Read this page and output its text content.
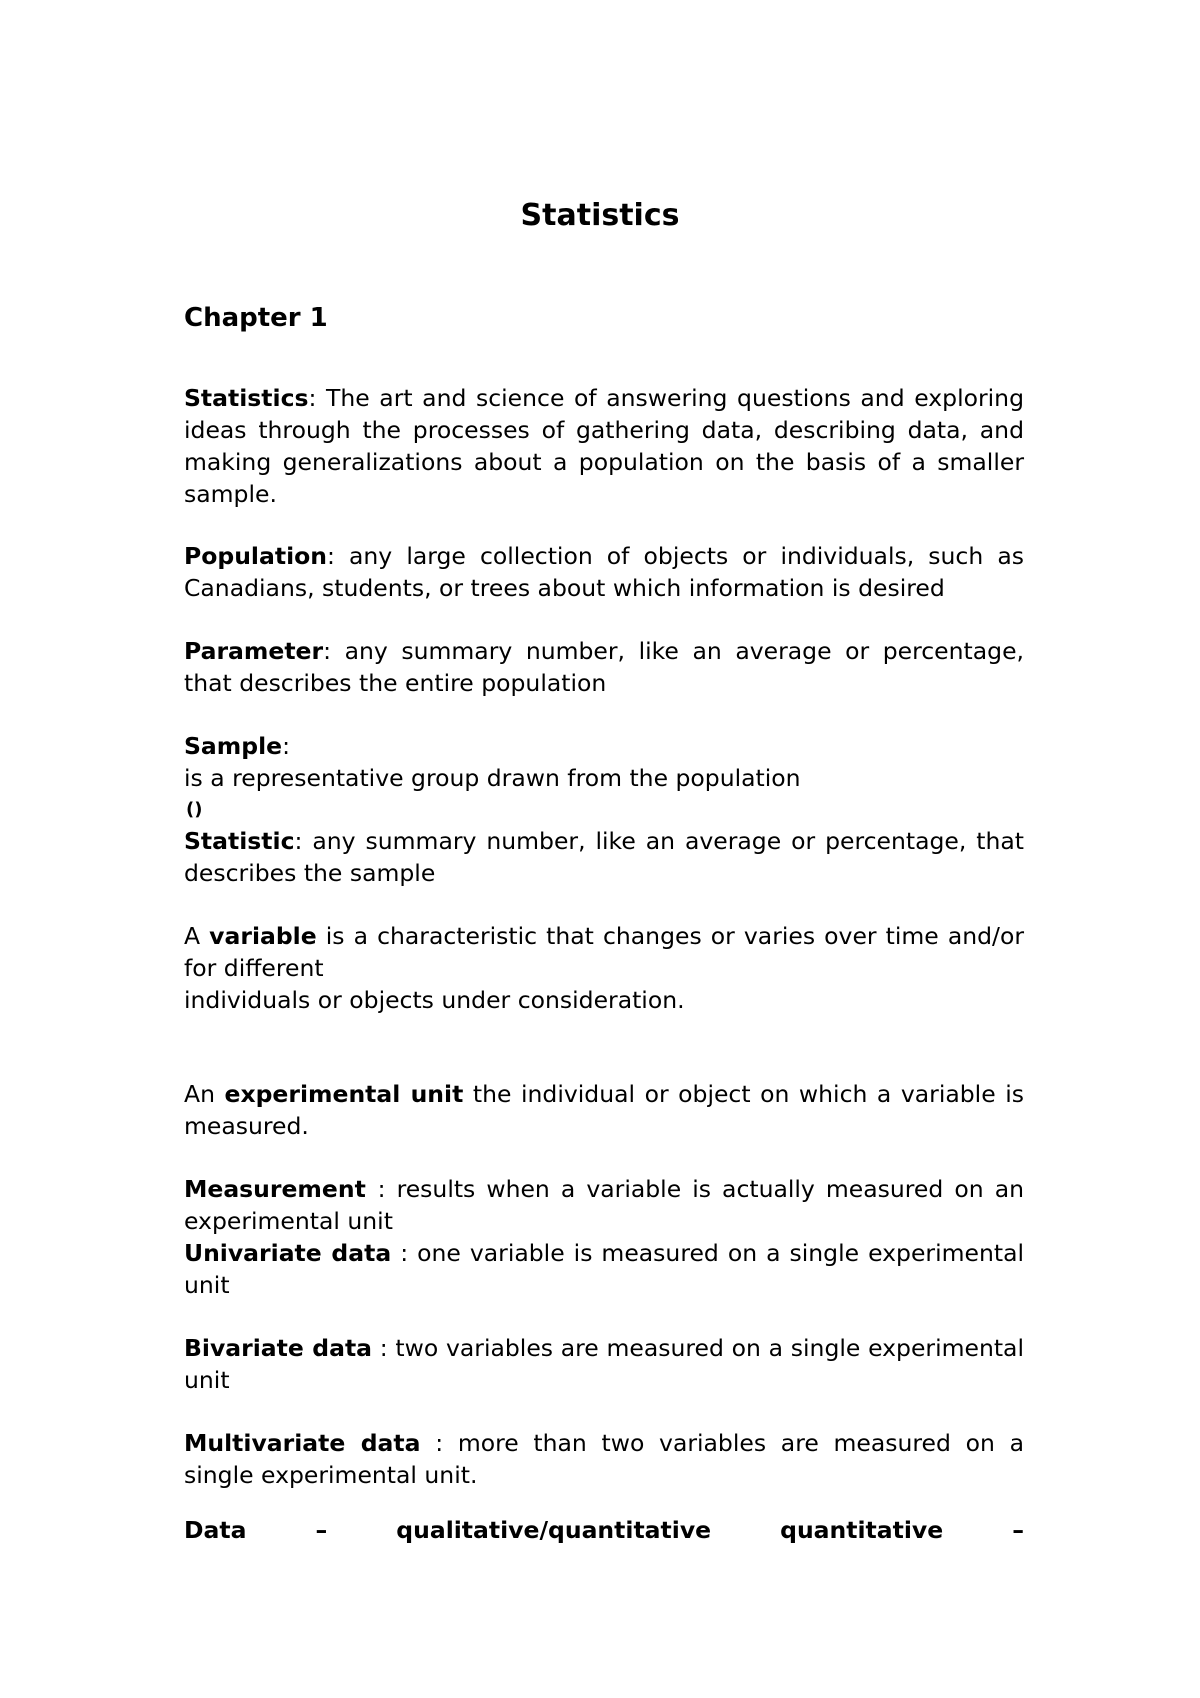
Statistics
Chapter 1

Statistics: The art and science of answering questions and exploring ideas through the processes of gathering data, describing data, and making generalizations about a population on the basis of a smaller sample.

Population: any large collection of objects or individuals, such as Canadians, students, or trees about which information is desired

Parameter: any summary number, like an average or percentage, that describes the entire population

Sample:
is a representative group drawn from the population

()

Statistic: any summary number, like an average or percentage, that describes the sample

A variable is a characteristic that changes or varies over time and/or for different

individuals or objects under consideration.

An experimental unit the individual or object on which a variable is measured.

Measurement : results when a variable is actually measured on an experimental unit

Univariate data : one variable is measured on a single experimental unit

Bivariate data : two variables are measured on a single experimental unit

Multivariate data : more than two variables are measured on a single experimental unit.

Data	–	qualitative/quantitative	quantitative	–
